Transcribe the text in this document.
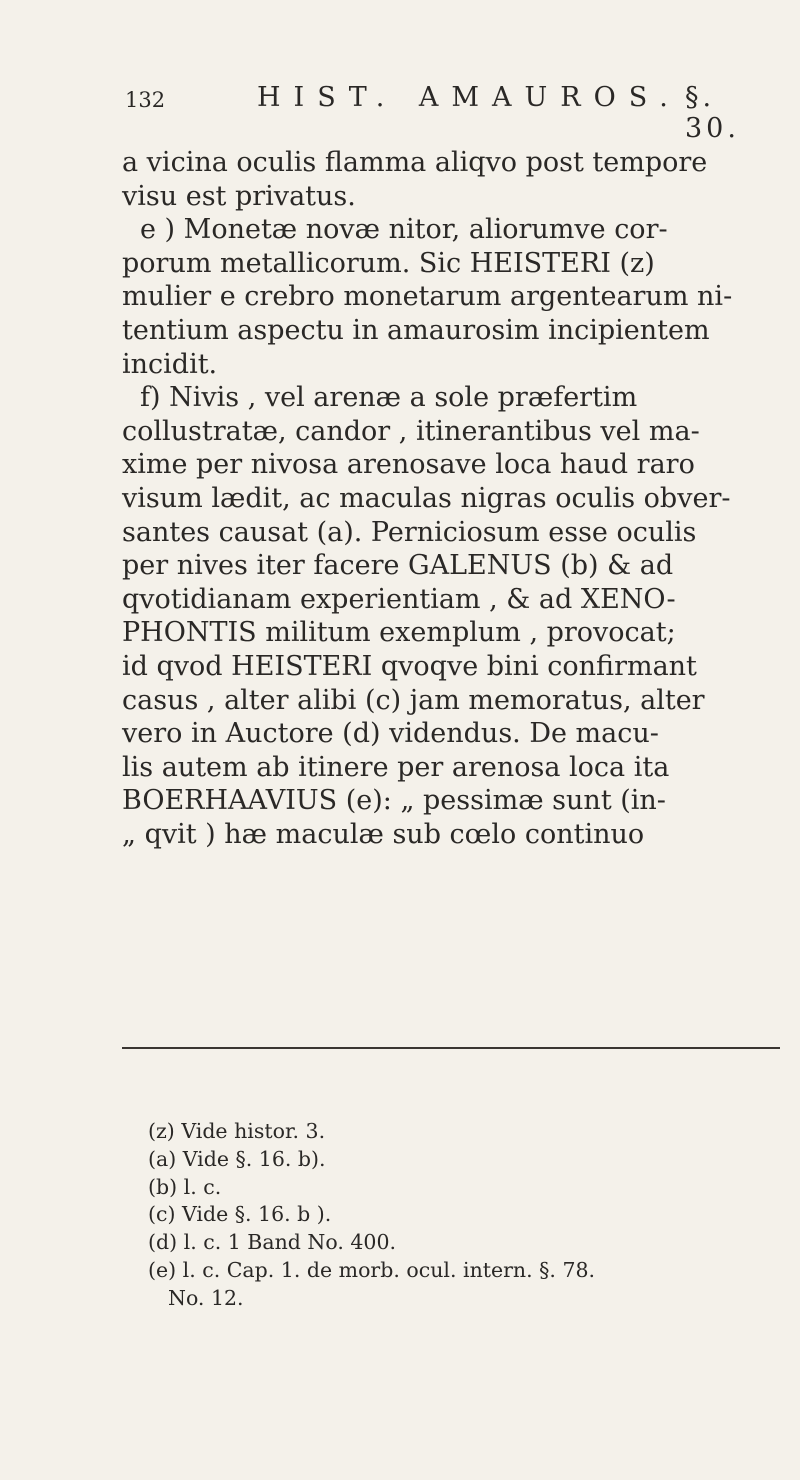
132	HIST. AMAUROS. §. 30.
a vicina oculis flamma aliqvo post tempore
visu est privatus.
e ) Monetæ novæ nitor, aliorumve cor-
porum metallicorum. Sic HEISTERI (z)
mulier e crebro monetarum argentearum ni-
tentium aspectu in amaurosim incipientem
incidit.
f) Nivis , vel arenæ a sole præfertim
collustratæ, candor , itinerantibus vel ma-
xime per nivosa arenosave loca haud raro
visum lædit, ac maculas nigras oculis obver-
santes causat (a). Perniciosum esse oculis
per nives iter facere GALENUS (b) & ad
qvotidianam experientiam , & ad XENO-
PHONTIS militum exemplum , provocat;
id qvod HEISTERI qvoqve bini confirmant
casus , alter alibi (c) jam memoratus, alter
vero in Auctore (d) videndus. De macu-
lis autem ab itinere per arenosa loca ita
BOERHAAVIUS (e): „ pessimæ sunt (in-
„ qvit ) hæ maculæ sub cœlo continuo
(z) Vide histor. 3.
(a) Vide §. 16. b).
(b) l. c.
(c) Vide §. 16. b ).
(d) l. c. 1 Band No. 400.
(e) l. c. Cap. 1. de morb. ocul. intern. §. 78.
No. 12.
